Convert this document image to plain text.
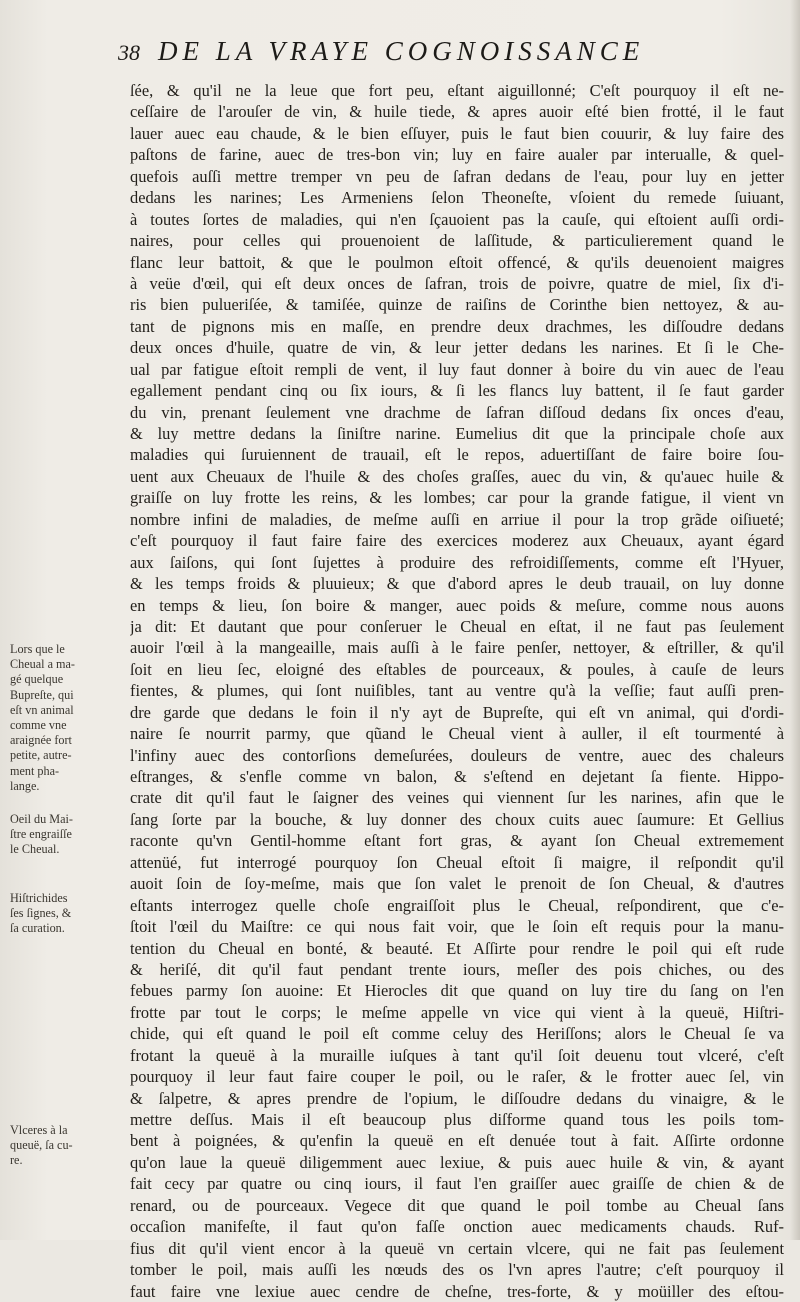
38 DE LA VRAYE COGNOISSANCE
ſée, & qu'il ne la leue que fort peu, eſtant aiguillonné; C'eſt pourquoy il eſt ne-
ceſſaire de l'arouſer de vin, & huile tiede, & apres auoir eſté bien frotté, il le faut
lauer auec eau chaude, & le bien eſſuyer, puis le faut bien couurir, & luy faire des
paſtons de farine, auec de tres-bon vin; luy en faire aualer par interualle, & quel-
quefois auſſi mettre tremper vn peu de ſafran dedans de l'eau, pour luy en jetter
dedans les narines; Les Armeniens ſelon Theoneſte, vſoient du remede ſuiuant,
à toutes ſortes de maladies, qui n'en ſçauoient pas la cauſe, qui eſtoient auſſi ordi-
naires, pour celles qui prouenoient de laſſitude, & particulierement quand le
flanc leur battoit, & que le poulmon eſtoit offencé, & qu'ils deuenoient maigres
à veüe d'œil, qui eſt deux onces de ſafran, trois de poivre, quatre de miel, ſix d'i-
ris bien pulueriſée, & tamiſée, quinze de raiſins de Corinthe bien nettoyez, & au-
tant de pignons mis en maſſe, en prendre deux drachmes, les diſſoudre dedans
deux onces d'huile, quatre de vin, & leur jetter dedans les narines. Et ſi le Che-
ual par fatigue eſtoit rempli de vent, il luy faut donner à boire du vin auec de l'eau
egallement pendant cinq ou ſix iours, & ſi les flancs luy battent, il ſe faut garder
du vin, prenant ſeulement vne drachme de ſafran diſſoud dedans ſix onces d'eau,
& luy mettre dedans la ſiniſtre narine. Eumelius dit que la principale choſe aux
maladies qui ſuruiennent de trauail, eſt le repos, aduertiſſant de faire boire ſou-
uent aux Cheuaux de l'huile & des choſes graſſes, auec du vin, & qu'auec huile &
graiſſe on luy frotte les reins, & les lombes; car pour la grande fatigue, il vient vn
nombre infini de maladies, de meſme auſſi en arriue il pour la trop grãde oiſiueté;
c'eſt pourquoy il faut faire faire des exercices moderez aux Cheuaux, ayant égard
aux ſaiſons, qui ſont ſujettes à produire des refroidiſſements, comme eſt l'Hyuer,
& les temps froids & pluuieux; & que d'abord apres le deub trauail, on luy donne
en temps & lieu, ſon boire & manger, auec poids & meſure, comme nous auons
ja dit: Et dautant que pour conſeruer le Cheual en eſtat, il ne faut pas ſeulement
auoir l'œil à la mangeaille, mais auſſi à le faire penſer, nettoyer, & eſtriller, & qu'il
ſoit en lieu ſec, eloigné des eſtables de pourceaux, & poules, à cauſe de leurs
fientes, & plumes, qui ſont nuiſibles, tant au ventre qu'à la veſſie; faut auſſi pren-
dre garde que dedans le foin il n'y ayt de Bupreſte, qui eſt vn animal, qui d'ordi-
naire ſe nourrit parmy, que qũand le Cheual vient à auller, il eſt tourmenté à
l'infiny auec des contorſions demeſurées, douleurs de ventre, auec des chaleurs
eſtranges, & s'enfle comme vn balon, & s'eſtend en dejetant ſa fiente. Hippo-
crate dit qu'il faut le ſaigner des veines qui viennent ſur les narines, afin que le
ſang ſorte par la bouche, & luy donner des choux cuits auec ſaumure: Et Gellius
raconte qu'vn Gentil-homme eſtant fort gras, & ayant ſon Cheual extremement
attenüé, fut interrogé pourquoy ſon Cheual eſtoit ſi maigre, il reſpondit qu'il
auoit ſoin de ſoy-meſme, mais que ſon valet le prenoit de ſon Cheual, & d'autres
eſtants interrogez quelle choſe engraiſſoit plus le Cheual, reſpondirent, que c'e-
ſtoit l'œil du Maiſtre: ce qui nous fait voir, que le ſoin eſt requis pour la manu-
tention du Cheual en bonté, & beauté. Et Aſſirte pour rendre le poil qui eſt rude
& heriſé, dit qu'il faut pendant trente iours, meſler des pois chiches, ou des
febues parmy ſon auoine: Et Hierocles dit que quand on luy tire du ſang on l'en
frotte par tout le corps; le meſme appelle vn vice qui vient à la queuë, Hiſtri-
chide, qui eſt quand le poil eſt comme celuy des Heriſſons; alors le Cheual ſe va
frotant la queuë à la muraille iuſques à tant qu'il ſoit deuenu tout vlceré, c'eſt
pourquoy il leur faut faire couper le poil, ou le raſer, & le frotter auec ſel, vin
& ſalpetre, & apres prendre de l'opium, le diſſoudre dedans du vinaigre, & le
mettre deſſus. Mais il eſt beaucoup plus diſforme quand tous les poils tom-
bent à poignées, & qu'enfin la queuë en eſt denuée tout à fait. Aſſirte ordonne
qu'on laue la queuë diligemment auec lexiue, & puis auec huile & vin, & ayant
fait cecy par quatre ou cinq iours, il faut l'en graiſſer auec graiſſe de chien & de
renard, ou de pourceaux. Vegece dit que quand le poil tombe au Cheual ſans
occaſion manifeſte, il faut qu'on faſſe onction auec medicaments chauds. Ruf-
fius dit qu'il vient encor à la queuë vn certain vlcere, qui ne fait pas ſeulement
tomber le poil, mais auſſi les nœuds des os l'vn apres l'autre; c'eſt pourquoy il
faut faire vne lexiue auec cendre de cheſne, tres-forte, & y moüiller des eſtou-
Lors que le
Cheual a ma-
gé quelque
Bupreſte, qui
eſt vn animal
comme vne
araignée fort
petite, autre-
ment pha-
lange.
Oeil du Mai-
ſtre engraiſſe
le Cheual.
Hiſtrichides
ſes ſignes, &
ſa curation.
Vlceres à la
queuë, ſa cu-
re.
